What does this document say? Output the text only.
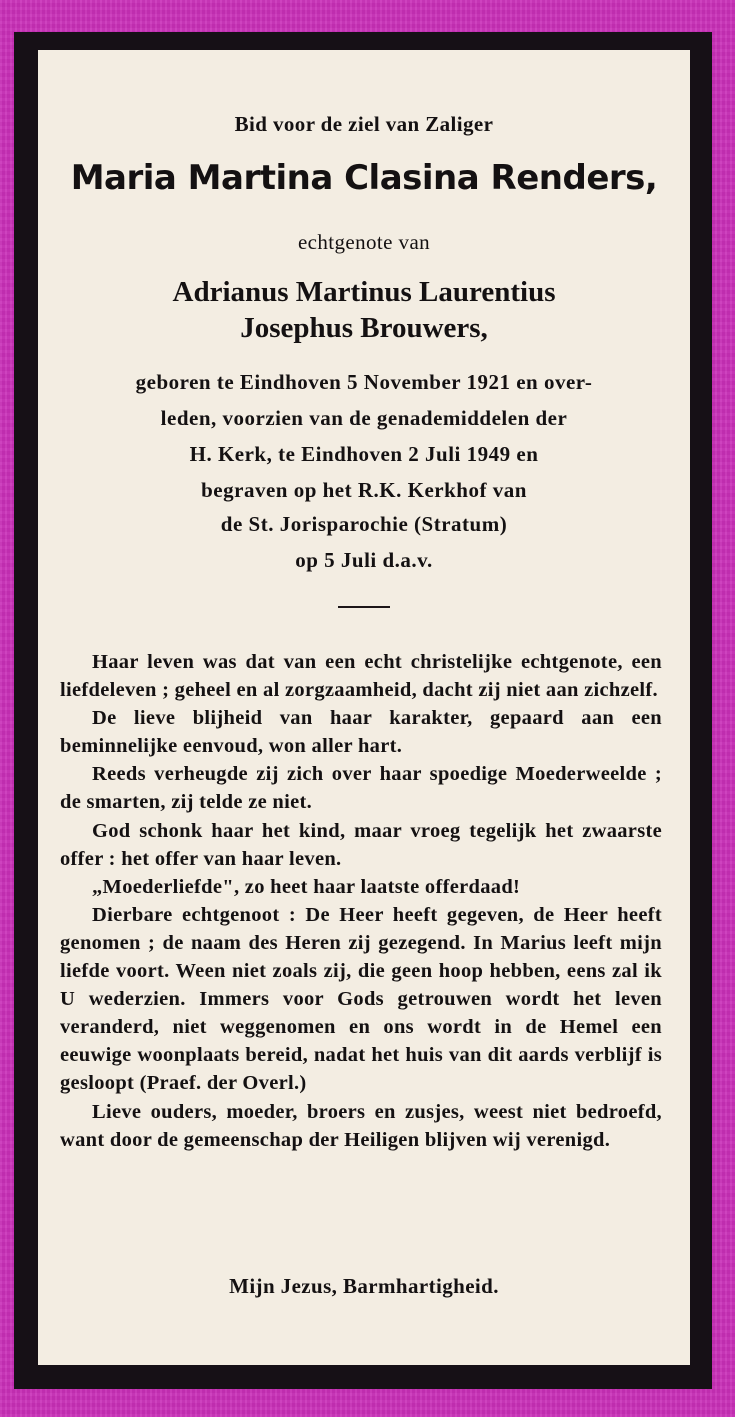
Bid voor de ziel van Zaliger
Maria Martina Clasina Renders,
echtgenote van
Adrianus Martinus Laurentius
Josephus Brouwers,
geboren te Eindhoven 5 November 1921 en over-
leden, voorzien van de genademiddelen der
H. Kerk, te Eindhoven 2 Juli 1949 en
begraven op het R.K. Kerkhof van
de St. Jorisparochie (Stratum)
op 5 Juli d.a.v.

Haar leven was dat van een echt christelijke echtgenote, een liefdeleven ; geheel en al zorgzaamheid, dacht zij niet aan zichzelf.

De lieve blijheid van haar karakter, gepaard aan een beminnelijke eenvoud, won aller hart.

Reeds verheugde zij zich over haar spoedige Moederweelde ; de smarten, zij telde ze niet.

God schonk haar het kind, maar vroeg tegelijk het zwaarste offer : het offer van haar leven.

„Moederliefde", zo heet haar laatste offerdaad!

Dierbare echtgenoot : De Heer heeft gegeven, de Heer heeft genomen ; de naam des Heren zij gezegend. In Marius leeft mijn liefde voort. Ween niet zoals zij, die geen hoop hebben, eens zal ik U wederzien. Immers voor Gods getrouwen wordt het leven veranderd, niet weggenomen en ons wordt in de Hemel een eeuwige woonplaats bereid, nadat het huis van dit aards verblijf is gesloopt (Praef. der Overl.)

Lieve ouders, moeder, broers en zusjes, weest niet bedroefd, want door de gemeenschap der Heiligen blijven wij verenigd.

Mijn Jezus, Barmhartigheid.
